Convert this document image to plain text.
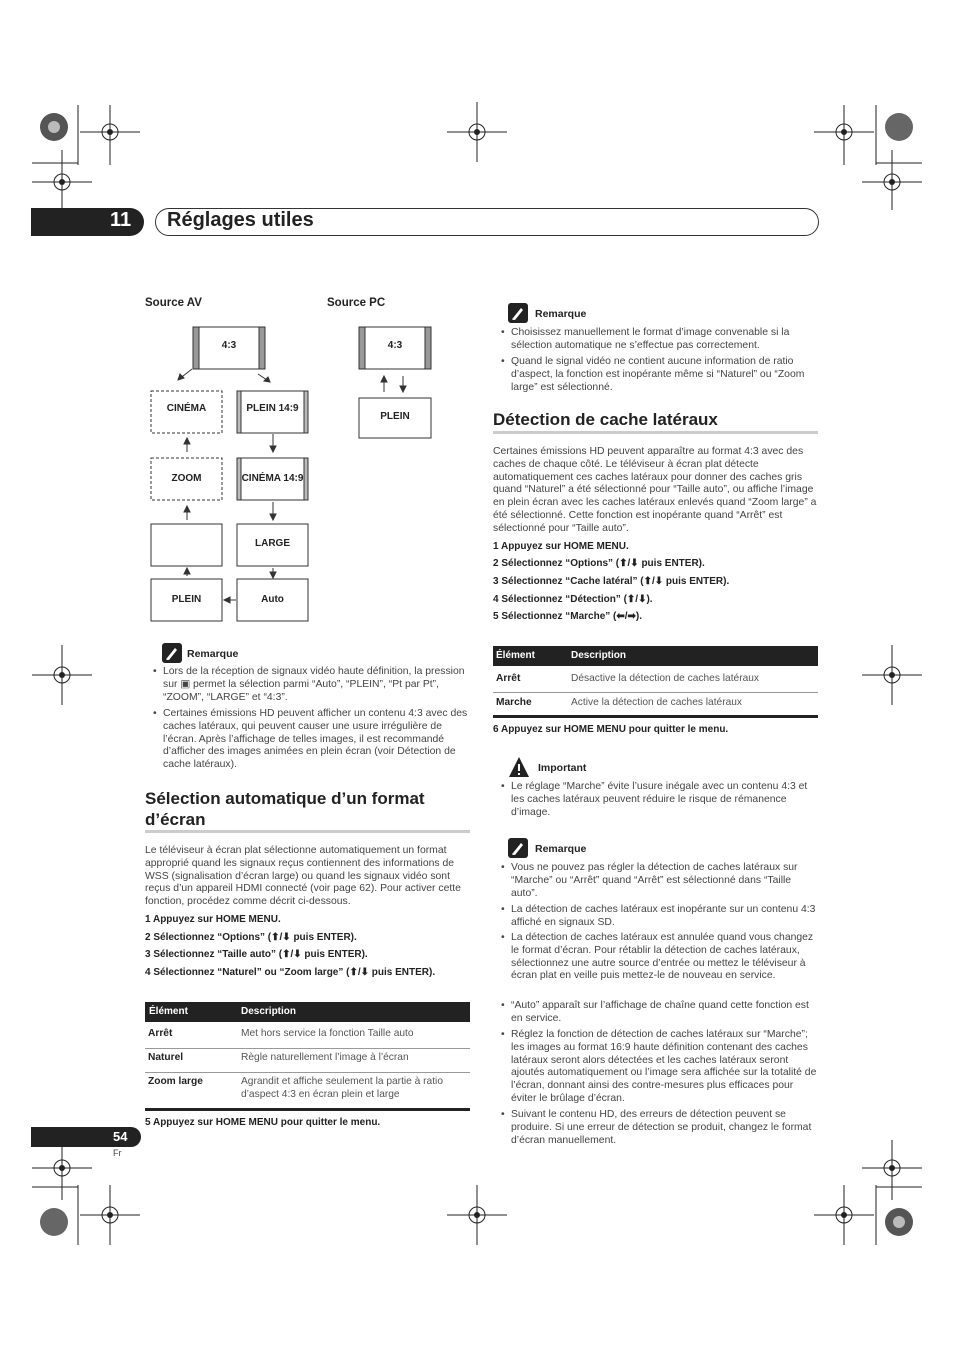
11 Réglages utiles
Source AV	Source PC
4:3
CINÉMA	PLEIN 14:9
ZOOM	CINÉMA 14:9
LARGE
PLEIN	Auto
4:3
PLEIN
Remarque
• Lors de la réception de signaux vidéo haute définition, la pression sur ▣ permet la sélection parmi “Auto”, “PLEIN”, “Pt par Pt”, “ZOOM”, “LARGE” et “4:3”.
• Certaines émissions HD peuvent afficher un contenu 4:3 avec des caches latéraux, qui peuvent causer une usure irrégulière de l’écran. Après l’affichage de telles images, il est recommandé d’afficher des images animées en plein écran (voir Détection de cache latéraux).
Sélection automatique d’un format d’écran
Le téléviseur à écran plat sélectionne automatiquement un format approprié quand les signaux reçus contiennent des informations de WSS (signalisation d’écran large) ou quand les signaux vidéo sont reçus d’un appareil HDMI connecté (voir page 62). Pour activer cette fonction, procédez comme décrit ci-dessous.
1 Appuyez sur HOME MENU.
2 Sélectionnez “Options” (⬆/⬇ puis ENTER).
3 Sélectionnez “Taille auto” (⬆/⬇ puis ENTER).
4 Sélectionnez “Naturel” ou “Zoom large” (⬆/⬇ puis ENTER).
Élément	Description
Arrêt	Met hors service la fonction Taille auto
Naturel	Règle naturellement l’image à l’écran
Zoom large	Agrandit et affiche seulement la partie à ratio d’aspect 4:3 en écran plein et large
5 Appuyez sur HOME MENU pour quitter le menu.
Remarque
• Choisissez manuellement le format d’image convenable si la sélection automatique ne s’effectue pas correctement.
• Quand le signal vidéo ne contient aucune information de ratio d’aspect, la fonction est inopérante même si “Naturel” ou “Zoom large” est sélectionné.
Détection de cache latéraux
Certaines émissions HD peuvent apparaître au format 4:3 avec des caches de chaque côté. Le téléviseur à écran plat détecte automatiquement ces caches latéraux pour donner des caches gris quand “Naturel” a été sélectionné pour “Taille auto”, ou affiche l’image en plein écran avec les caches latéraux enlevés quand “Zoom large” a été sélectionné. Cette fonction est inopérante quand “Arrêt” est sélectionné pour “Taille auto”.
1 Appuyez sur HOME MENU.
2 Sélectionnez “Options” (⬆/⬇ puis ENTER).
3 Sélectionnez “Cache latéral” (⬆/⬇ puis ENTER).
4 Sélectionnez “Détection” (⬆/⬇).
5 Sélectionnez “Marche” (⬅/➡).
Élément	Description
Arrêt	Désactive la détection de caches latéraux
Marche	Active la détection de caches latéraux
6 Appuyez sur HOME MENU pour quitter le menu.
Important
• Le réglage “Marche” évite l’usure inégale avec un contenu 4:3 et les caches latéraux peuvent réduire le risque de rémanence d’image.
Remarque
• Vous ne pouvez pas régler la détection de caches latéraux sur “Marche” ou “Arrêt” quand “Arrêt” est sélectionné dans “Taille auto”.
• La détection de caches latéraux est inopérante sur un contenu 4:3 affiché en signaux SD.
• La détection de caches latéraux est annulée quand vous changez le format d’écran. Pour rétablir la détection de caches latéraux, sélectionnez une autre source d’entrée ou mettez le téléviseur à écran plat en veille puis mettez-le de nouveau en service.
• “Auto” apparaît sur l’affichage de chaîne quand cette fonction est en service.
• Réglez la fonction de détection de caches latéraux sur “Marche”; les images au format 16:9 haute définition contenant des caches latéraux seront alors détectées et les caches latéraux seront ajoutés automatiquement ou l’image sera affichée sur la totalité de l’écran, donnant ainsi des contre-mesures plus efficaces pour éviter le brûlage d’écran.
• Suivant le contenu HD, des erreurs de détection peuvent se produire. Si une erreur de détection se produit, changez le format d’écran manuellement.
54
Fr
